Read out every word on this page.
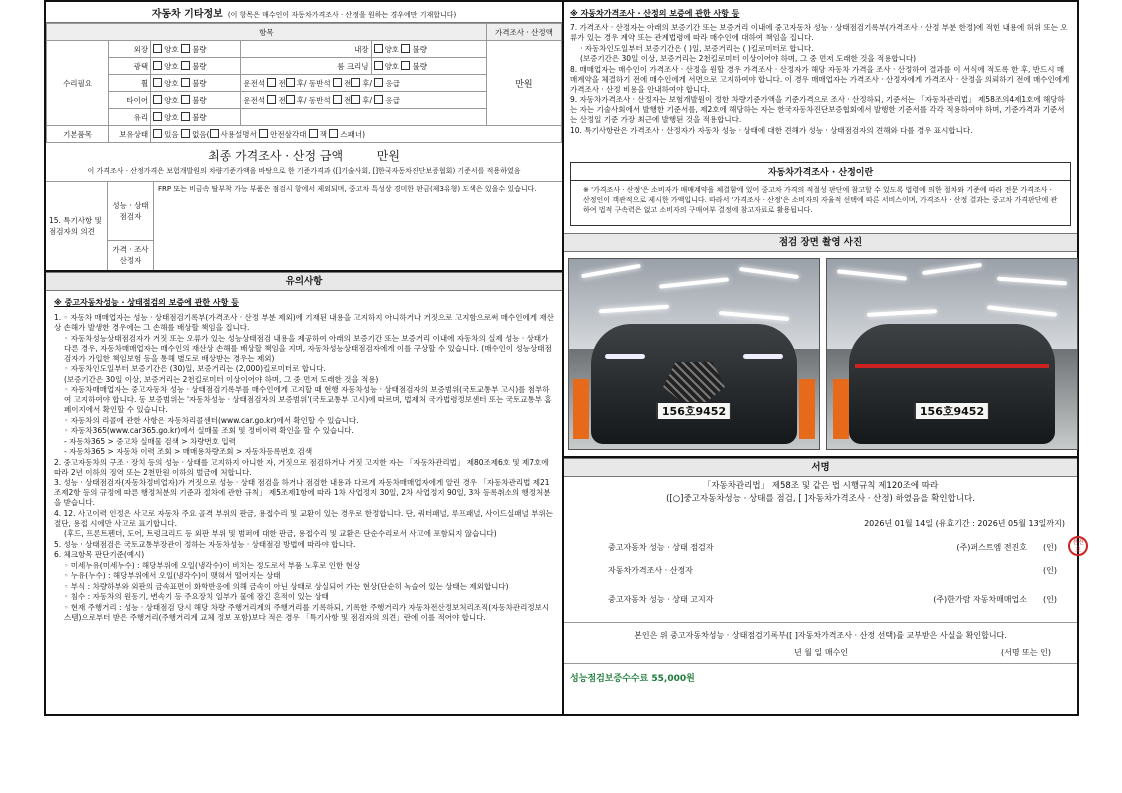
자동차 기타정보 (이 항목은 매수인이 자동차가격조사 · 산정을 원하는 경우에만 기재합니다)
항목					가격조사 · 산정액
수리필요	외장	양호 불량	내장	양호 불량	만원
	광택	양호 불량	룸 크리닝	양호 불량	
	휠	양호 불량	운전석 전 후/ 동반석 전 후/ 응급		
	타이어	양호 불량	운전석 전 후/ 동반석 전 후/ 응급		
	유리	양호 불량			
기본품목	보유상태	있음 없음( 사용설명서 안전삼각대 잭 스패너)			
최종 가격조사 · 산정 금액	만원
이 가격조사 · 산정가격은 보험개발원의 차량기준가액을 바탕으로 한 기준가격과 ([]기술사회, []한국자동차진단보증협회) 기준서를 적용하였음
15. 특기사항 및 점검자의 의견
성능 · 상태 점검자
FRP 또는 비금속 탈부착 가능 부품은 점검시 항에서 제외되며, 중고차 특성상 경미한 판금(제3유형) 도색은 있을수 있습니다.
가격 · 조사 산정자
유의사항
※ 중고자동차성능 · 상태점검의 보증에 관한 사항 등
1. ◦ 자동차 매매업자는 성능 · 상태점검기록부(가격조사 · 산정 부분 제외)에 기재된 내용을 고지하지 아니하거나 거짓으로 고지함으로써 매수인에게 재산상 손해가 발생한 경우에는 그 손해를 배상할 책임을 집니다.
◦ 자동차성능상태점검자가 거짓 또는 오류가 있는 성능상태점검 내용을 제공하여 아래의 보증기간 또는 보증거리 이내에 자동차의 실제 성능 · 상태가 다른 경우, 자동차매매업자는 매수인의 재산상 손해를 배상할 책임을 지며, 자동차성능상태점검자에게 이를 구상할 수 있습니다. (매수인이 성능상태점검자가 가입한 책임보험 등을 통해 별도로 배상받는 경우는 제외)
◦ 자동차인도일부터 보증기간은 (30)일, 보증거리는 (2,000)킬로미터로 합니다.
(보증기간은 30일 이상, 보증거리는 2천킬로미터 이상이어야 하며, 그 중 먼저 도래한 것을 적용)
◦ 자동차매매업자는 중고자동차 성능 · 상태점검기록부를 매수인에게 고지할 때 현행 자동차성능 · 상태점검자의 보증범위(국토교통부 고시)를 첨부하여 고지하여야 합니다. 동 보증범위는 '자동차성능 · 상태점검자의 보증범위'(국토교통부 고시)에 따르며, 법제처 국가법령정보센터 또는 국토교통부 홈페이지에서 확인할 수 있습니다.
◦ 자동차의 리콜에 관한 사항은 자동차리콜센터(www.car.go.kr)에서 확인할 수 있습니다.
◦ 자동차365(www.car365.go.kr)에서 실매물 조회 및 정비이력 확인을 할 수 있습니다.
- 자동차365 > 중고차 실매물 검색 > 차량번호 입력
- 자동차365 > 자동차 이력 조회 > 매매용차량조회 > 자동차등록번호 검색
2. 중고자동차의 구조 · 장치 등의 성능 · 상태를 고지하지 아니한 자, 거짓으로 점검하거나 거짓 고지한 자는 「자동차관리법」 제80조제6호 및 제7호에 따라 2년 이하의 징역 또는 2천만원 이하의 벌금에 처합니다.
3. 성능 · 상태점검자(자동차정비업자)가 거짓으로 성능 · 상태 점검을 하거나 점검한 내용과 다르게 자동차매매업자에게 알린 경우 「자동차관리법 제21조제2항 등의 규정에 따른 행정처분의 기준과 절차에 관한 규칙」 제5조제1항에 따라 1차 사업정지 30일, 2차 사업정지 90일, 3차 등록취소의 행정처분을 받습니다.
4. 12. 사고이력 인정은 사고로 자동차 주요 골격 부위의 판금, 용접수리 및 교환이 있는 경우로 한정합니다. 단, 쿼터패널, 루프패널, 사이드실패널 부위는 절단, 용접 시에만 사고로 표기합니다.
(후드, 프론트펜더, 도어, 트렁크리드 등 외판 부위 및 범퍼에 대한 판금, 용접수리 및 교환은 단순수리로서 사고에 포함되지 않습니다)
5. 성능 · 상태점검은 국토교통부장관이 정하는 자동차성능 · 상태점검 방법에 따라야 합니다.
6. 체크항목 판단기준(예시)
◦ 미세누유(미세누수) : 해당부위에 오일(냉각수)이 비치는 정도로서 부품 노후로 인한 현상
◦ 누유(누수) : 해당부위에서 오일(냉각수)이 맺혀서 떨어지는 상태
◦ 부식 : 차량하부와 외판의 금속표면이 화학반응에 의해 금속이 아닌 상태로 상실되어 가는 현상(단순히 녹슬어 있는 상태는 제외합니다)
◦ 침수 : 자동차의 원동기, 변속기 등 주요장치 일부가 물에 잠긴 흔적이 있는 상태
◦ 현재 주행거리 : 성능 · 상태점검 당시 해당 차량 주행거리계의 주행거리를 기록하되, 기록한 주행거리가 자동차전산정보처리조직(자동차관리정보시스템)으로부터 받은 주행거리(주행거리계 교체 정보 포함)보다 적은 경우 「특기사항 및 점검자의 의견」란에 이를 적어야 합니다.
※ 자동차가격조사 · 산정의 보증에 관한 사항 등
7. 가격조사 · 산정자는 아래의 보증기간 또는 보증거리 이내에 중고자동차 성능 · 상태점검기록부(가격조사 · 산정 부분 한정)에 적힌 내용에 허위 또는 오류가 있는 경우 계약 또는 관계법령에 따라 매수인에 대하여 책임을 집니다.
· 자동차인도일부터 보증기간은 ( )일, 보증거리는 ( )킬로미터로 합니다.
(보증기간은 30일 이상, 보증거리는 2천킬로미터 이상이어야 하며, 그 중 먼저 도래한 것을 적용합니다)
8. 매매업자는 매수인이 가격조사 · 산정을 원할 경우 가격조사 · 산정자가 해당 자동차 가격을 조사 · 산정하여 결과를 이 서식에 적도록 한 후, 반드시 매매계약을 체결하기 전에 매수인에게 서면으로 고지하여야 합니다. 이 경우 매매업자는 가격조사 · 산정자에게 가격조사 · 산정을 의뢰하기 전에 매수인에게 가격조사 · 산정 비용을 안내하여야 합니다.
9. 자동차가격조사 · 산정자는 보험개발원이 정한 차량기준가액을 기준가격으로 조사 · 산정하되, 기준서는 「자동차관리법」 제58조의4제1호에 해당하는 자는 기술사회에서 발행한 기준서를, 제2호에 해당하는 자는 한국자동차진단보증협회에서 발행한 기준서를 각각 적용하여야 하며, 기준가격과 기준서는 산정일 기준 가장 최근에 발행된 것을 적용합니다.
10. 특기사항란은 가격조사 · 산정자가 자동차 성능 · 상태에 대한 견해가 성능 · 상태점검자의 견해와 다를 경우 표시합니다.
자동차가격조사 · 산정이란
※ '가격조사 · 산정'은 소비자가 매매계약을 체결함에 있어 중고차 가격의 적절성 판단에 참고할 수 있도록 법령에 의한 절차와 기준에 따라 전문 가격조사 · 산정인이 객관적으로 제시한 가액입니다. 따라서 '가격조사 · 산정'은 소비자의 자율적 선택에 따른 서비스이며, 가격조사 · 산정 결과는 중고차 가격판단에 관하여 법적 구속력은 없고 소비자의 구매여부 결정에 참고자료로 활용됩니다.
점검 장면 촬영 사진
156호9452	156호9452
서명
「자동차관리법」 제58조 및 같은 법 시행규칙 제120조에 따라
([○]중고자동차성능 · 상태를 점검, [ ]자동차가격조사 · 산정) 하였음을 확인합니다.
2026년 01월 14일 (유효기간 : 2026년 05월 13일까지)
중고자동차 성능 · 상태 점검자	(주)퍼스트엠 전진호 (인)
자동차가격조사 · 산정자	(인)
중고자동차 성능 · 상태 고지자	(주)한가람 자동차매매업소 (인)
전진호
본인은 위 중고자동차성능 · 상태점검기록부([ ]자동차가격조사 · 산정 선택)를 교부받은 사실을 확인합니다.
년 월 일 매수인	(서명 또는 인)
성능점검보증수수료 55,000원
